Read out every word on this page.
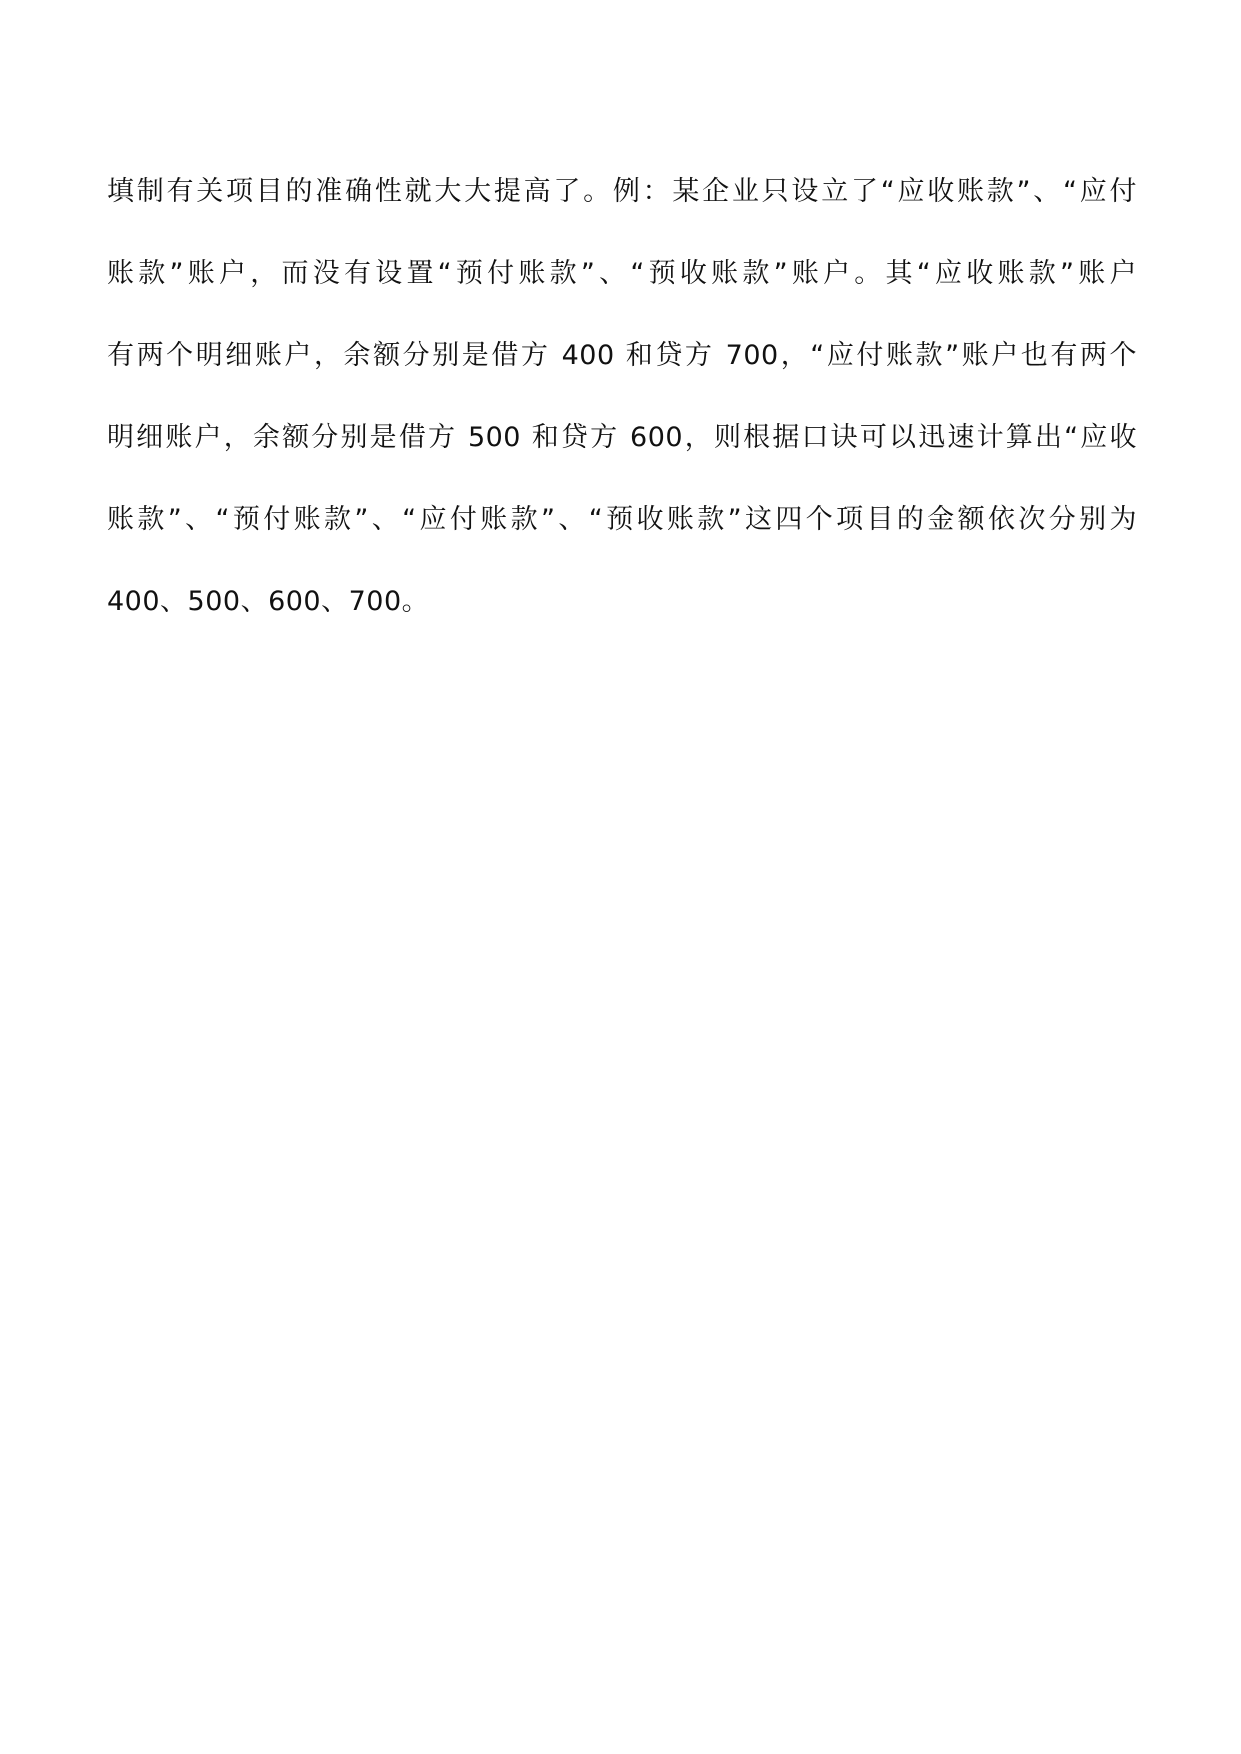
填制有关项目的准确性就大大提高了。例：某企业只设立了“应收账款”、“应付
账款”账户，而没有设置“预付账款”、“预收账款”账户。其“应收账款”账户
有两个明细账户，余额分别是借方 400 和贷方 700，“应付账款”账户也有两个
明细账户，余额分别是借方 500 和贷方 600，则根据口诀可以迅速计算出“应收
账款”、“预付账款”、“应付账款”、“预收账款”这四个项目的金额依次分别为
400、500、600、700。
